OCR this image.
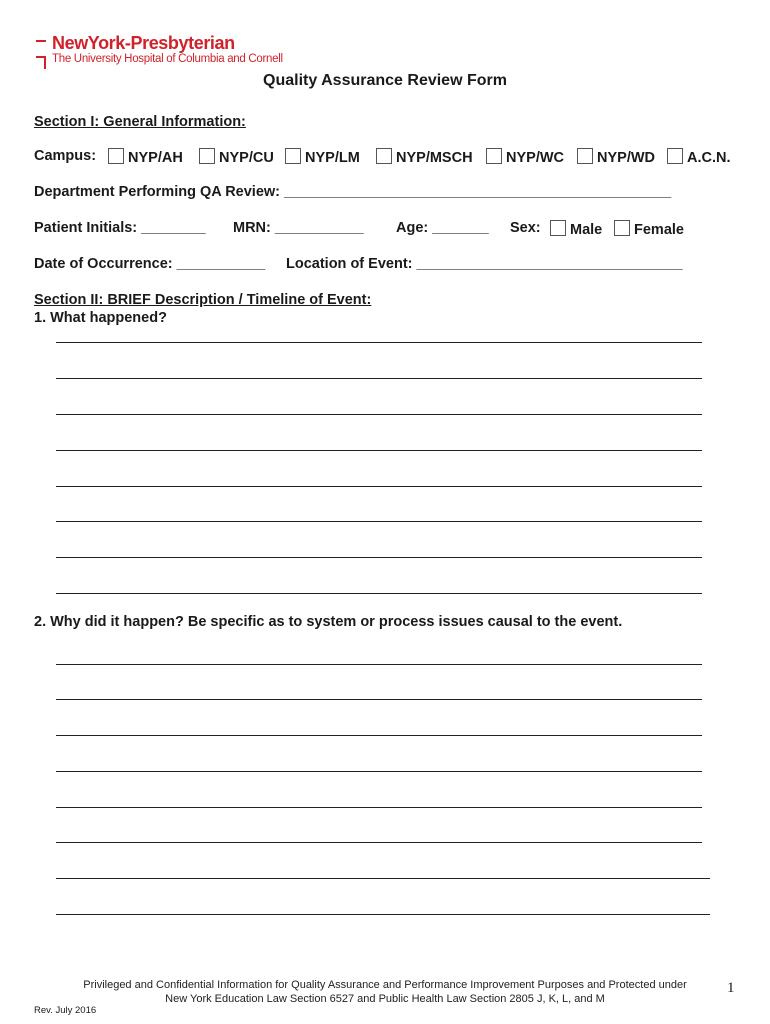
NewYork-Presbyterian
The University Hospital of Columbia and Cornell
Quality Assurance Review Form
Section I: General Information:
Campus:	NYP/AH	NYP/CU	NYP/LM	NYP/MSCH	NYP/WC	NYP/WD	A.C.N.
Department Performing QA Review: ________________________________________________
Patient Initials: ________ MRN: ___________ Age: _______ Sex:	Male	Female
Date of Occurrence: ___________ Location of Event: _________________________________
Section II: BRIEF Description / Timeline of Event:
1. What happened?
2. Why did it happen? Be specific as to system or process issues causal to the event.
Privileged and Confidential Information for Quality Assurance and Performance Improvement Purposes and Protected under
New York Education Law Section 6527 and Public Health Law Section 2805 J, K, L, and M
1
Rev. July 2016
